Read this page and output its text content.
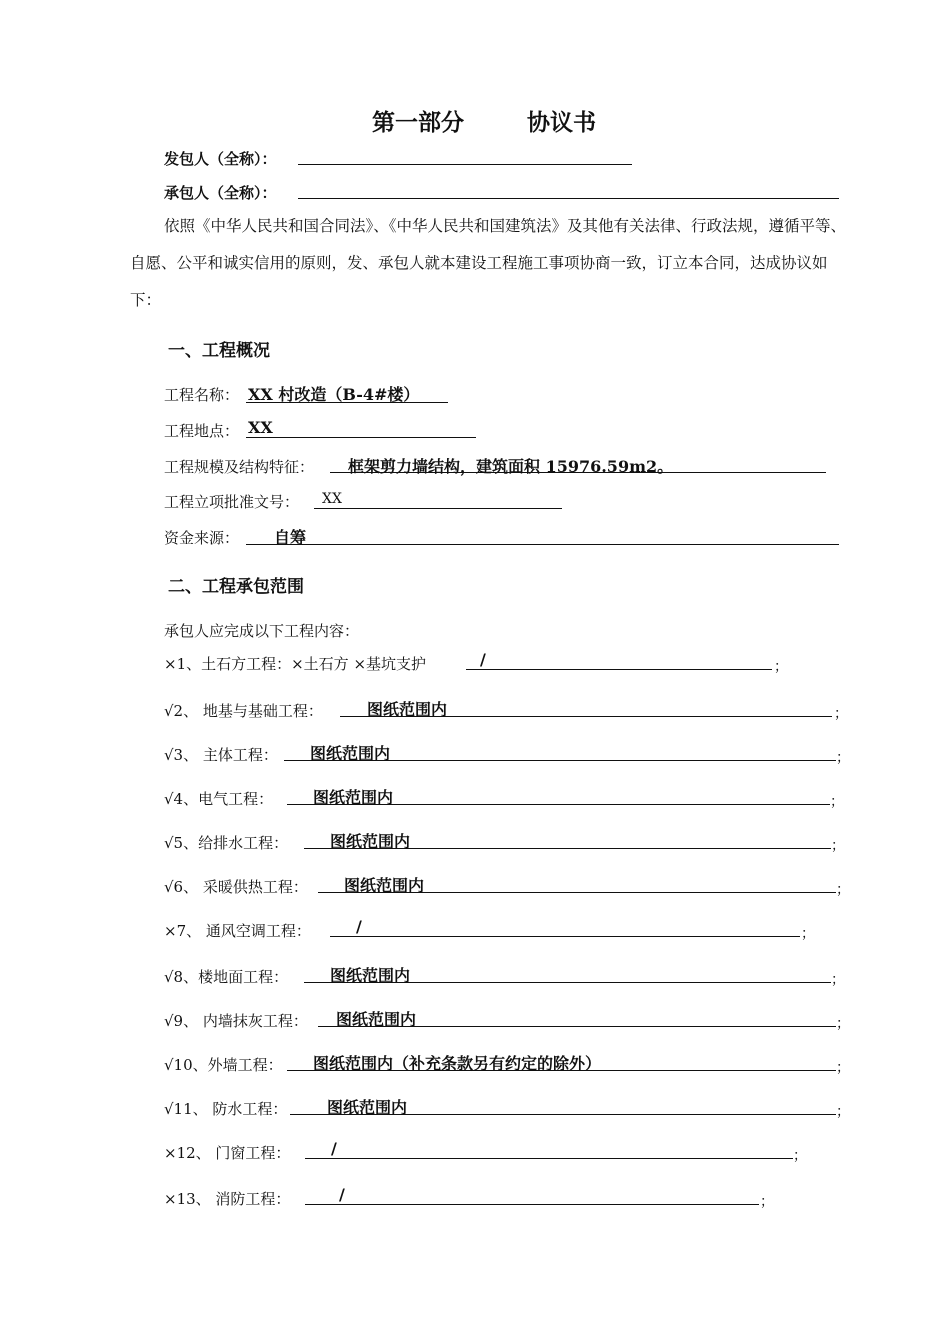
第一部分	协议书
发包人（全称）：
承包人（全称）：
依照《中华人民共和国合同法》、《中华人民共和国建筑法》及其他有关法律、行政法规，遵循平等、自愿、公平和诚实信用的原则，发、承包人就本建设工程施工事项协商一致，订立本合同，达成协议如下：
一、工程概况
工程名称： XX 村改造（B-4#楼）
工程地点： XX
工程规模及结构特征： 框架剪力墙结构，建筑面积 15976.59m2。
工程立项批准文号： XX
资金来源： 自筹
二、工程承包范围
承包人应完成以下工程内容：
×1、土石方工程：×土石方 ×基坑支护	/	；
√2、 地基与基础工程：	图纸范围内	；
√3、 主体工程： 图纸范围内	；
√4、电气工程： 图纸范围内	；
√5、给排水工程：	图纸范围内	；
√6、 采暖供热工程： 图纸范围内	；
×7、 通风空调工程：	/	；
√8、楼地面工程：	图纸范围内	；
√9、 内墙抹灰工程： 图纸范围内	；
√10、外墙工程： 图纸范围内（补充条款另有约定的除外）	；
√11、 防水工程： 图纸范围内	；
×12、 门窗工程：	/	；
×13、 消防工程：	/	；
